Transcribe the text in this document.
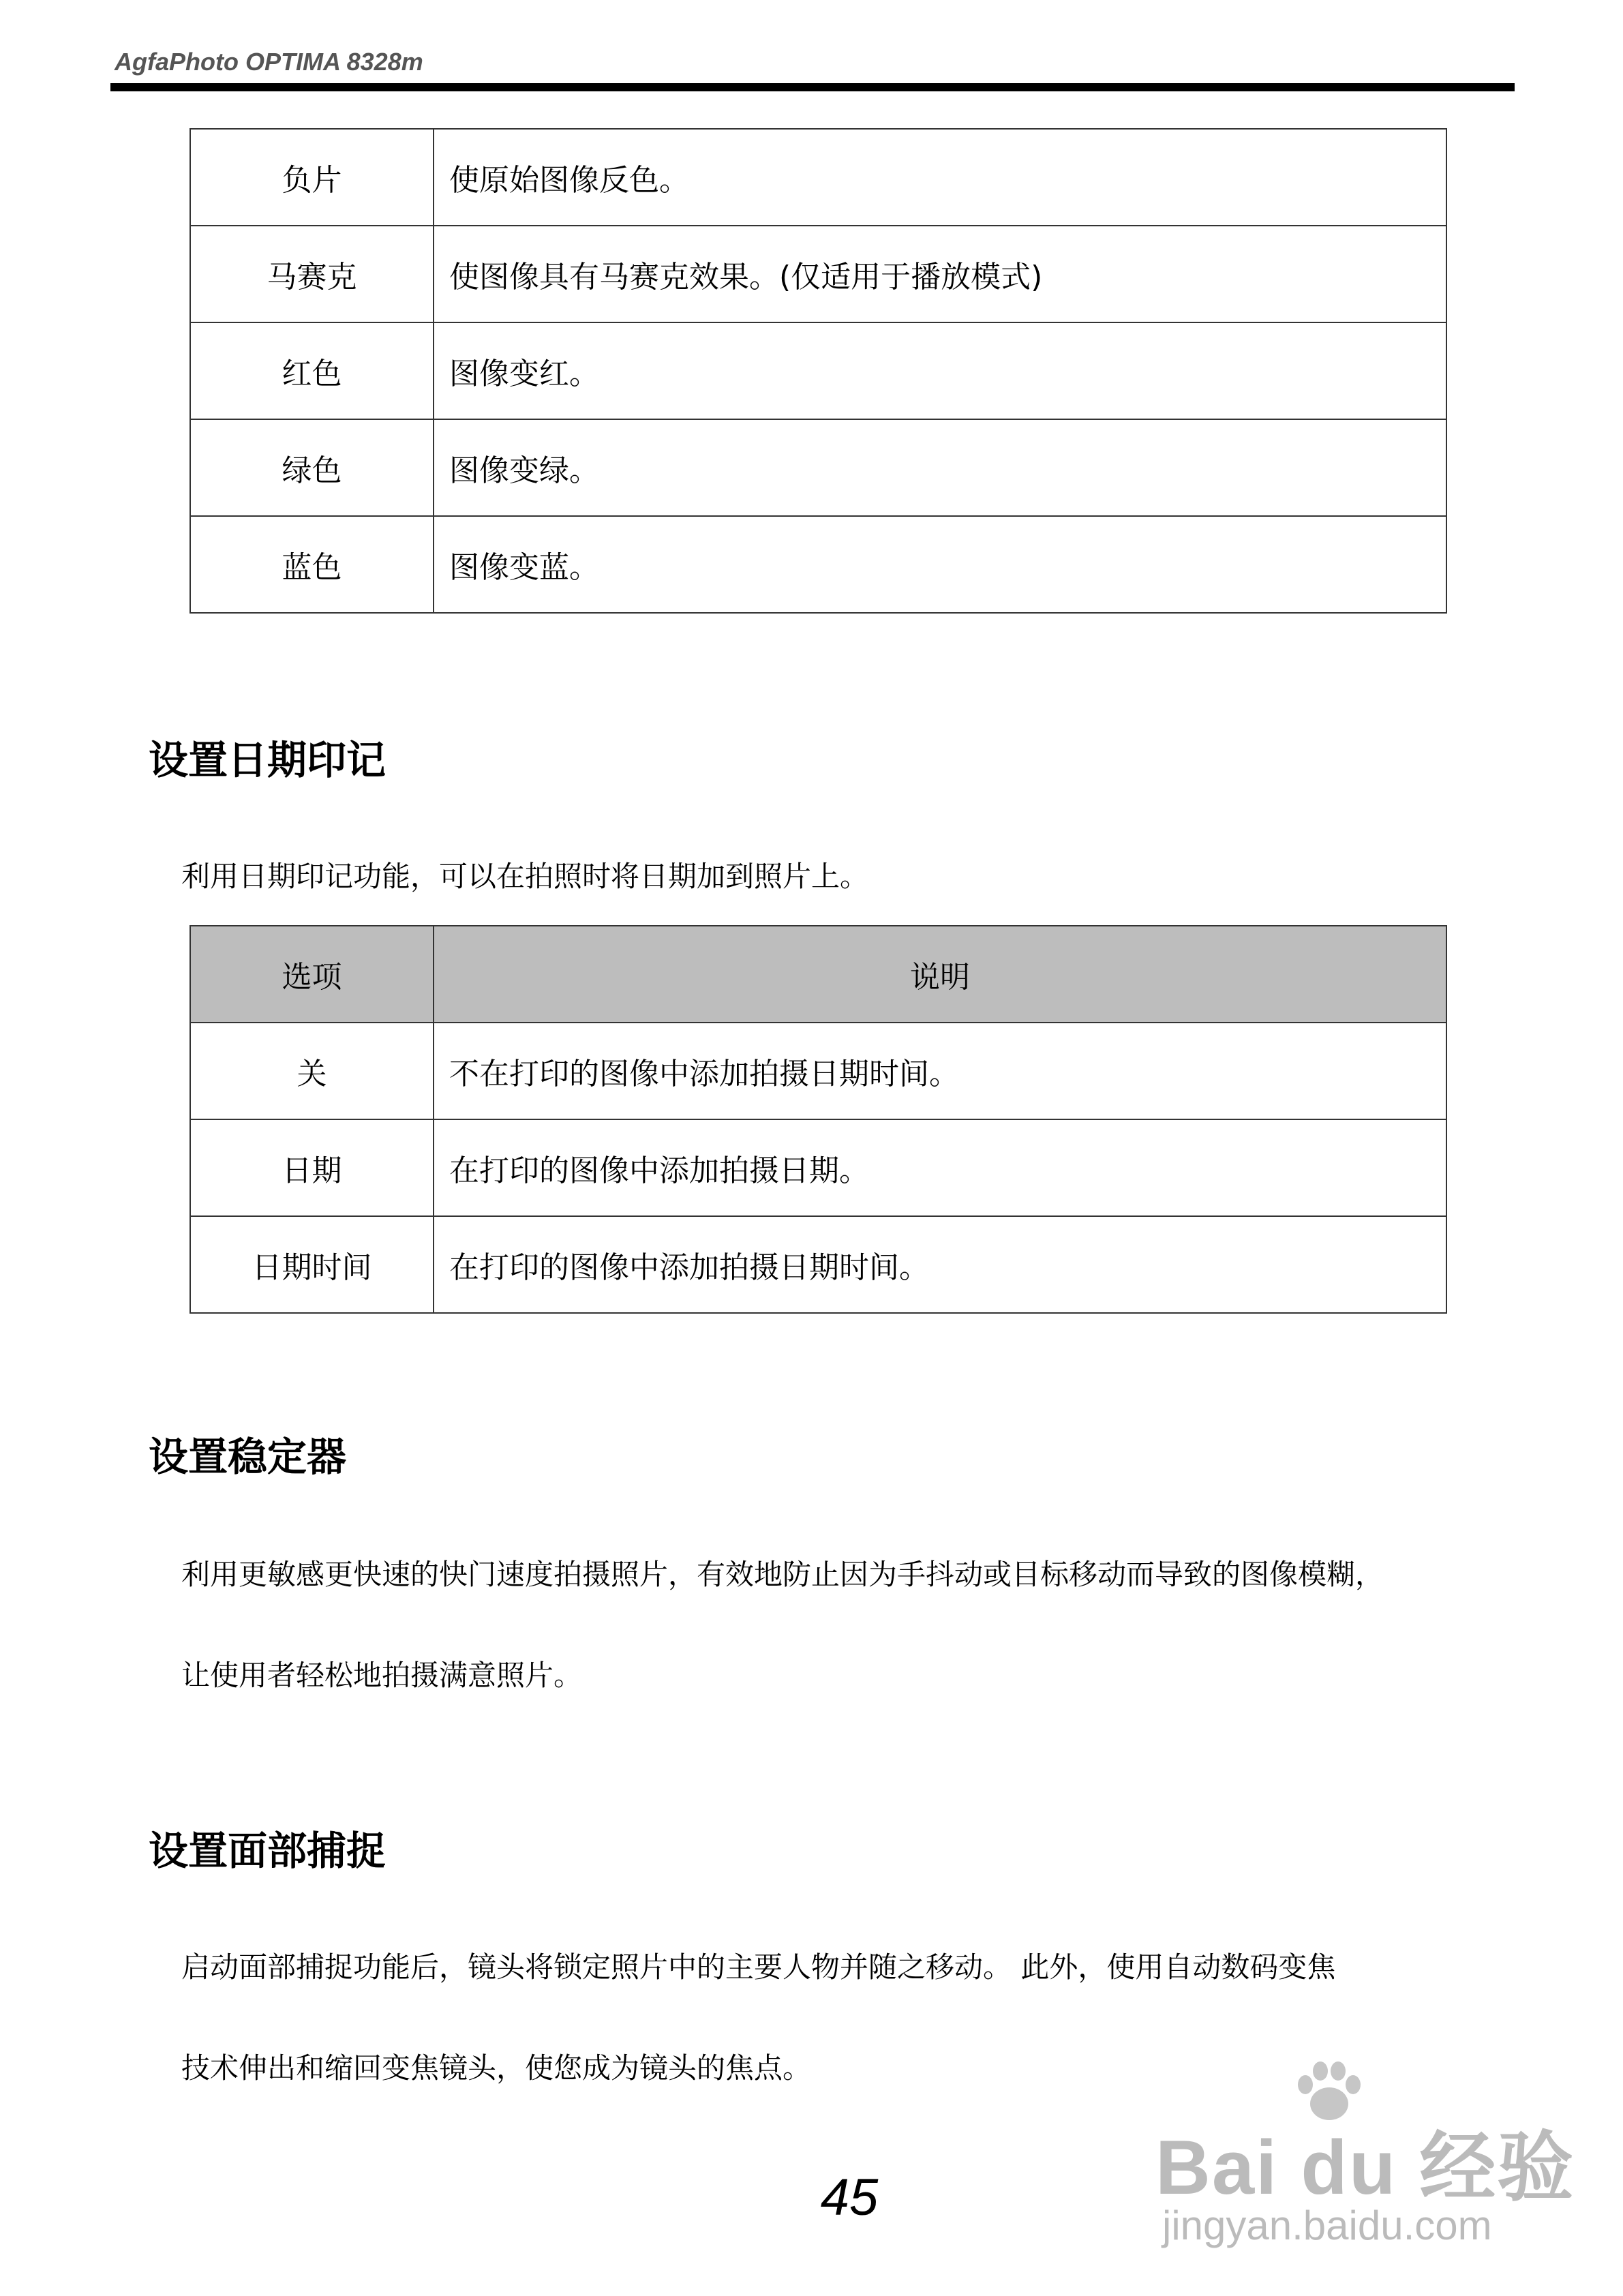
AgfaPhoto OPTIMA 8328m
负片	使原始图像反色。
马赛克	使图像具有马赛克效果。(仅适用于播放模式)
红色	图像变红。
绿色	图像变绿。
蓝色	图像变蓝。
设置日期印记

利用日期印记功能，可以在拍照时将日期加到照片上。

选项	说明
关	不在打印的图像中添加拍摄日期时间。
日期	在打印的图像中添加拍摄日期。
日期时间	在打印的图像中添加拍摄日期时间。
设置稳定器

利用更敏感更快速的快门速度拍摄照片，有效地防止因为手抖动或目标移动而导致的图像模糊，
让使用者轻松地拍摄满意照片。

设置面部捕捉

启动面部捕捉功能后，镜头将锁定照片中的主要人物并随之移动。 此外，使用自动数码变焦
技术伸出和缩回变焦镜头，使您成为镜头的焦点。

45	Bai du 经验
jingyan.baidu.com
